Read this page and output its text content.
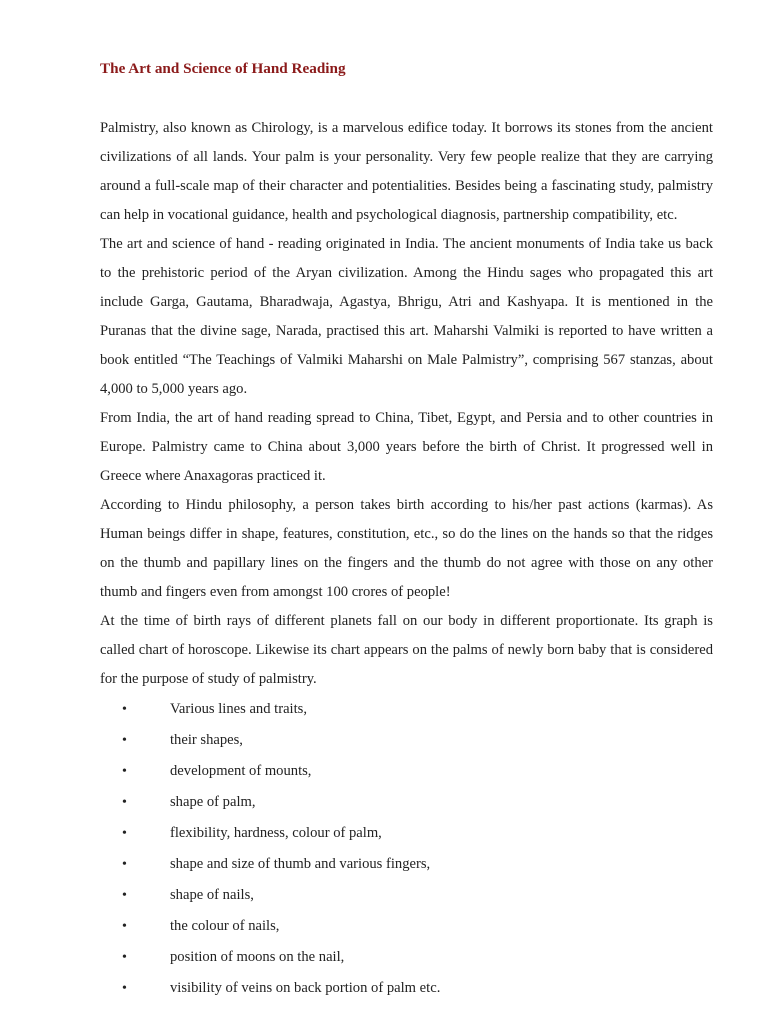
The Art and Science of Hand Reading

Palmistry, also known as Chirology, is a marvelous edifice today. It borrows its stones from the ancient civilizations of all lands. Your palm is your personality. Very few people realize that they are carrying around a full-scale map of their character and potentialities. Besides being a fascinating study, palmistry can help in vocational guidance, health and psychological diagnosis, partnership compatibility, etc.

The art and science of hand - reading originated in India. The ancient monuments of India take us back to the prehistoric period of the Aryan civilization. Among the Hindu sages who propagated this art include Garga, Gautama, Bharadwaja, Agastya, Bhrigu, Atri and Kashyapa. It is mentioned in the Puranas that the divine sage, Narada, practised this art. Maharshi Valmiki is reported to have written a book entitled “The Teachings of Valmiki Maharshi on Male Palmistry”, comprising 567 stanzas, about 4,000 to 5,000 years ago.

From India, the art of hand reading spread to China, Tibet, Egypt, and Persia and to other countries in Europe. Palmistry came to China about 3,000 years before the birth of Christ. It progressed well in Greece where Anaxagoras practiced it.

According to Hindu philosophy, a person takes birth according to his/her past actions (karmas). As Human beings differ in shape, features, constitution, etc., so do the lines on the hands so that the ridges on the thumb and papillary lines on the fingers and the thumb do not agree with those on any other thumb and fingers even from amongst 100 crores of people!

At the time of birth rays of different planets fall on our body in different proportionate. Its graph is called chart of horoscope. Likewise its chart appears on the palms of newly born baby that is considered for the purpose of study of palmistry.

•	Various lines and traits,
•	their shapes,
•	development of mounts,
•	shape of palm,
•	flexibility, hardness, colour of palm,
•	shape and size of thumb and various fingers,
•	shape of nails,
•	the colour of nails,
•	position of moons on the nail,
•	visibility of veins on back portion of palm etc.
